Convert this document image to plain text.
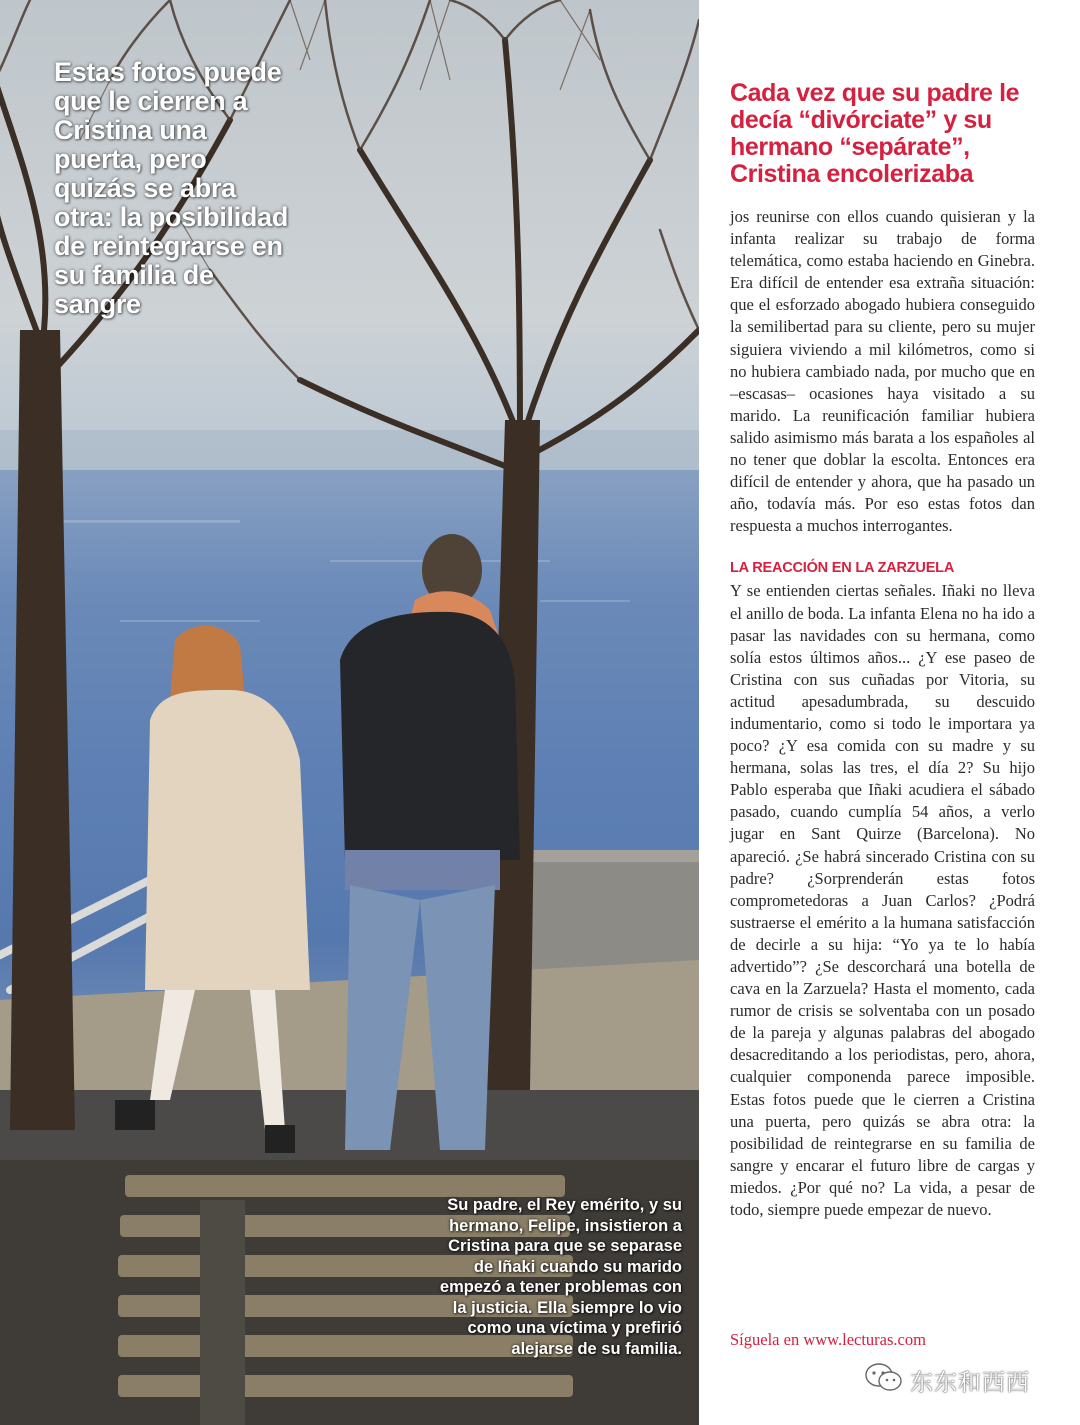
Estas fotos puede que le cierren a Cristina una puerta, pero quizás se abra otra: la posibilidad de reintegrarse en su familia de sangre
Su padre, el Rey emérito, y su hermano, Felipe, insistieron a Cristina para que se separase de Iñaki cuando su marido empezó a tener problemas con la justicia. Ella siempre lo vio como una víctima y prefirió alejarse de su familia.
Cada vez que su padre le decía “divórciate” y su hermano “sepárate”, Cristina encolerizaba

jos reunirse con ellos cuando quisieran y la infanta realizar su trabajo de forma telemática, como estaba haciendo en Ginebra. Era difícil de entender esa extraña situación: que el esforzado abogado hubiera conseguido la semilibertad para su cliente, pero su mujer siguiera viviendo a mil kilómetros, como si no hubiera cambiado nada, por mucho que en –escasas– ocasiones haya visitado a su marido. La reunificación familiar hubiera salido asimismo más barata a los españoles al no tener que doblar la escolta. Entonces era difícil de entender y ahora, que ha pasado un año, todavía más. Por eso estas fotos dan respuesta a muchos interrogantes.

LA REACCIÓN EN LA ZARZUELA

Y se entienden ciertas señales. Iñaki no lleva el anillo de boda. La infanta Elena no ha ido a pasar las navidades con su hermana, como solía estos últimos años... ¿Y ese paseo de Cristina con sus cuñadas por Vitoria, su actitud apesadumbrada, su descuido indumentario, como si todo le importara ya poco? ¿Y esa comida con su madre y su hermana, solas las tres, el día 2? Su hijo Pablo esperaba que Iñaki acudiera el sábado pasado, cuando cumplía 54 años, a verlo jugar en Sant Quirze (Barcelona). No apareció. ¿Se habrá sincerado Cristina con su padre? ¿Sorprenderán estas fotos comprometedoras a Juan Carlos? ¿Podrá sustraerse el emérito a la humana satisfacción de decirle a su hija: “Yo ya te lo había advertido”? ¿Se descorchará una botella de cava en la Zarzuela? Hasta el momento, cada rumor de crisis se solventaba con un posado de la pareja y algunas palabras del abogado desacreditando a los periodistas, pero, ahora, cualquier componenda parece imposible. Estas fotos puede que le cierren a Cristina una puerta, pero quizás se abra otra: la posibilidad de reintegrarse en su familia de sangre y encarar el futuro libre de cargas y miedos. ¿Por qué no? La vida, a pesar de todo, siempre puede empezar de nuevo.

Síguela en www.lecturas.com
东东和西西
